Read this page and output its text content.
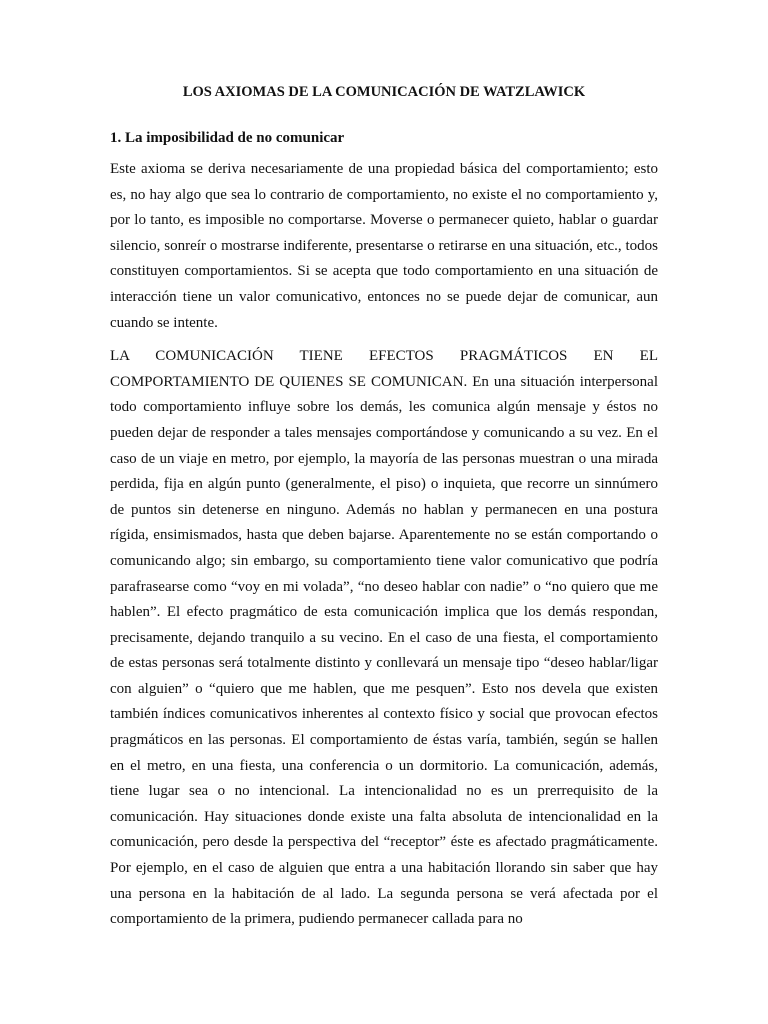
LOS AXIOMAS DE LA COMUNICACIÓN DE WATZLAWICK
1. La imposibilidad de no comunicar

Este axioma se deriva necesariamente de una propiedad básica del comportamiento; esto es, no hay algo que sea lo contrario de comportamiento, no existe el no comportamiento y, por lo tanto, es imposible no comportarse. Moverse o permanecer quieto, hablar o guardar silencio, sonreír o mostrarse indiferente, presentarse o retirarse en una situación, etc., todos constituyen comportamientos. Si se acepta que todo comportamiento en una situación de interacción tiene un valor comunicativo, entonces no se puede dejar de comunicar, aun cuando se intente.

LA COMUNICACIÓN TIENE EFECTOS PRAGMÁTICOS EN EL COMPORTAMIENTO DE QUIENES SE COMUNICAN. En una situación interpersonal todo comportamiento influye sobre los demás, les comunica algún mensaje y éstos no pueden dejar de responder a tales mensajes comportándose y comunicando a su vez. En el caso de un viaje en metro, por ejemplo, la mayoría de las personas muestran o una mirada perdida, fija en algún punto (generalmente, el piso) o inquieta, que recorre un sinnúmero de puntos sin detenerse en ninguno. Además no hablan y permanecen en una postura rígida, ensimismados, hasta que deben bajarse. Aparentemente no se están comportando o comunicando algo; sin embargo, su comportamiento tiene valor comunicativo que podría parafrasearse como “voy en mi volada”, “no deseo hablar con nadie” o “no quiero que me hablen”. El efecto pragmático de esta comunicación implica que los demás respondan, precisamente, dejando tranquilo a su vecino. En el caso de una fiesta, el comportamiento de estas personas será totalmente distinto y conllevará un mensaje tipo “deseo hablar/ligar con alguien” o “quiero que me hablen, que me pesquen”. Esto nos devela que existen también índices comunicativos inherentes al contexto físico y social que provocan efectos pragmáticos en las personas. El comportamiento de éstas varía, también, según se hallen en el metro, en una fiesta, una conferencia o un dormitorio. La comunicación, además, tiene lugar sea o no intencional. La intencionalidad no es un prerrequisito de la comunicación. Hay situaciones donde existe una falta absoluta de intencionalidad en la comunicación, pero desde la perspectiva del “receptor” éste es afectado pragmáticamente. Por ejemplo, en el caso de alguien que entra a una habitación llorando sin saber que hay una persona en la habitación de al lado. La segunda persona se verá afectada por el comportamiento de la primera, pudiendo permanecer callada para no
